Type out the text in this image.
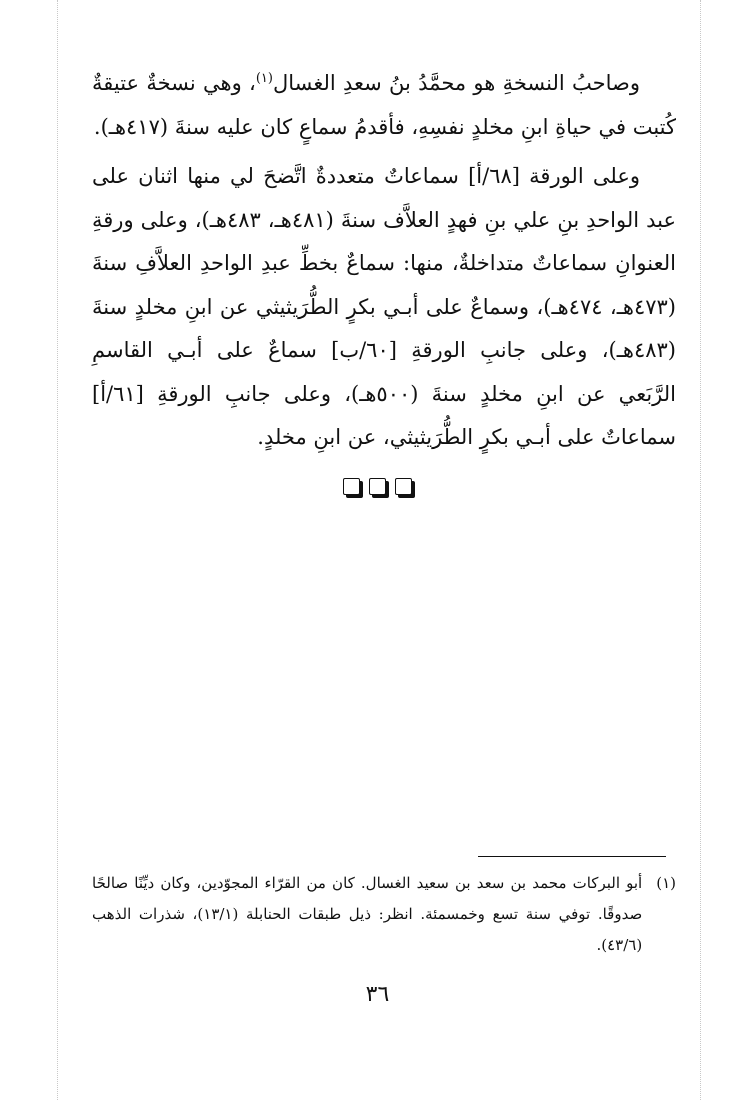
وصاحبُ النسخةِ هو محمَّدُ بنُ سعدِ الغسال$^{(١)}$، وهي نسخةٌ عتيقةٌ كُتبت في حياةِ ابنِ مخلدٍ نفسِهِ، فأقدمُ سماعٍ كان عليه سنةَ (٤١٧هـ).

وعلى الورقة [٦٨/أ] سماعاتٌ متعددةٌ اتَّضحَ لي منها اثنان على عبد الواحدِ بنِ علي بنِ فهدٍ العلاَّف سنةَ (٤٨١هـ، ٤٨٣هـ)، وعلى ورقةِ العنوانِ سماعاتٌ متداخلةٌ، منها: سماعٌ بخطِّ عبدِ الواحدِ العلاَّفِ سنةَ (٤٧٣هـ، ٤٧٤هـ)، وسماعٌ على أبـي بكرٍ الطُّرَيثيثي عن ابنِ مخلدٍ سنةَ (٤٨٣هـ)، وعلى جانبِ الورقةِ [٦٠/ب] سماعٌ على أبـي القاسمِ الرَّبَعي عن ابنِ مخلدٍ سنةَ (٥٠٠هـ)، وعلى جانبِ الورقةِ [٦١/أ] سماعاتٌ على أبـي بكرٍ الطُّرَيثيثي، عن ابنِ مخلدٍ.

(١)
أبو البركات محمد بن سعد بن سعيد الغسال. كان من القرّاء المجوّدين، وكان ديِّنًا صالحًا صدوقًا. توفي سنة تسع وخمسمئة. انظر: ذيل طبقات الحنابلة (١٣/١)، شذرات الذهب (٤٣/٦).
٣٦
